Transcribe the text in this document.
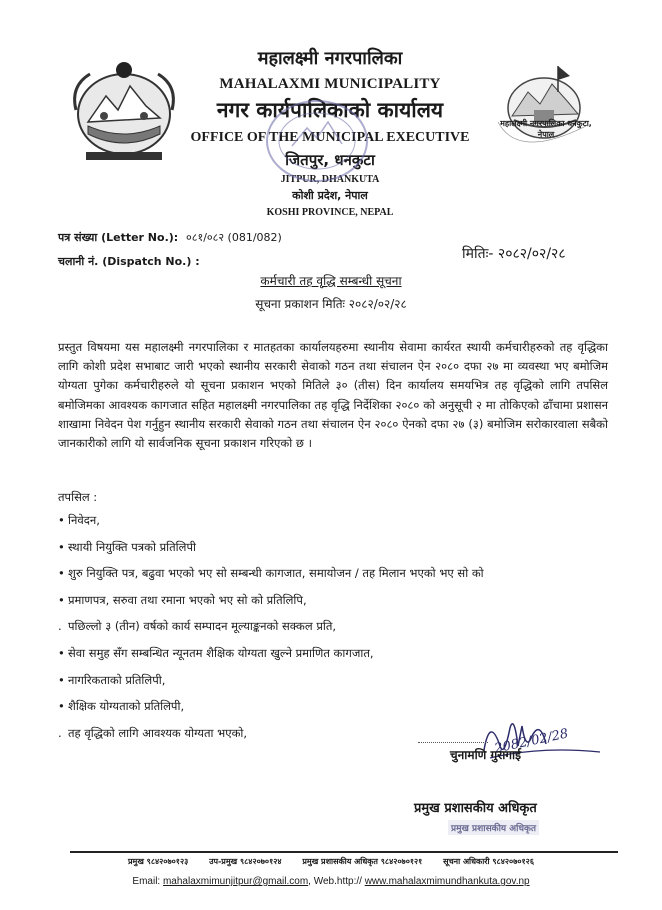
महालक्ष्मी नगरपालिका धनकुटा, नेपाल
महालक्ष्मी नगरपालिका
MAHALAXMI MUNICIPALITY
नगर कार्यपालिकाको कार्यालय
OFFICE OF THE MUNICIPAL EXECUTIVE
जितपुर, धनकुटा
JITPUR, DHANKUTA
कोशी प्रदेश, नेपाल
KOSHI PROVINCE, NEPAL
पत्र संख्या (Letter No.): ०८१/०८२ (081/082)
चलानी नं. (Dispatch No.) :	मितिः- २०८२/०२/२८
कर्मचारी तह वृद्धि सम्बन्धी सूचना
सूचना प्रकाशन मितिः २०८२/०२/२८
प्रस्तुत विषयमा यस महालक्ष्मी नगरपालिका र मातहतका कार्यालयहरुमा स्थानीय सेवामा कार्यरत स्थायी कर्मचारीहरुको तह वृद्धिका लागि कोशी प्रदेश सभाबाट जारी भएको स्थानीय सरकारी सेवाको गठन तथा संचालन ऐन २०८० दफा २७ मा व्यवस्था भए बमोजिम योग्यता पुगेका कर्मचारीहरुले यो सूचना प्रकाशन भएको मितिले ३० (तीस) दिन कार्यालय समयभित्र तह वृद्धिको लागि तपसिल बमोजिमका आवश्यक कागजात सहित महालक्ष्मी नगरपालिका तह वृद्धि निर्देशिका २०८० को अनुसूची २ मा तोकिएको ढाँचामा प्रशासन शाखामा निवेदन पेश गर्नुहुन स्थानीय सरकारी सेवाको गठन तथा संचालन ऐन २०८० ऐनको दफा २७ (३) बमोजिम सरोकारवाला सबैको जानकारीको लागि यो सार्वजनिक सूचना प्रकाशन गरिएको छ ।
तपसिल :
• निवेदन,
• स्थायी नियुक्ति पत्रको प्रतिलिपी
• शुरु नियुक्ति पत्र, बढुवा भएको भए सो सम्बन्धी कागजात, समायोजन / तह मिलान भएको भए सो को
• प्रमाणपत्र, सरुवा तथा रमाना भएको भए सो को प्रतिलिपि,
. पछिल्लो ३ (तीन) वर्षको कार्य सम्पादन मूल्याङ्कनको सक्कल प्रति,
• सेवा समुह सँग सम्बन्धित न्यूनतम शैक्षिक योग्यता खुल्ने प्रमाणित कागजात,
• नागरिकताको प्रतिलिपी,
• शैक्षिक योग्यताको प्रतिलिपी,
. तह वृद्धिको लागि आवश्यक योग्यता भएको,	2082/02/28
चुनामणि गुरागाई
प्रमुख प्रशासकीय अधिकृत
प्रमुख प्रशासकीय अधिकृत
प्रमुख ९८४२०७०१२३	उप-प्रमुख ९८४२०७०१२४	प्रमुख प्रशासकीय अधिकृत ९८४२०७०१२१	सूचना अधिकारी ९८४२०७०१२६
Email: mahalaxmimunjitpur@gmail.com, Web.http:// www.mahalaxmimundhankuta.gov.np
